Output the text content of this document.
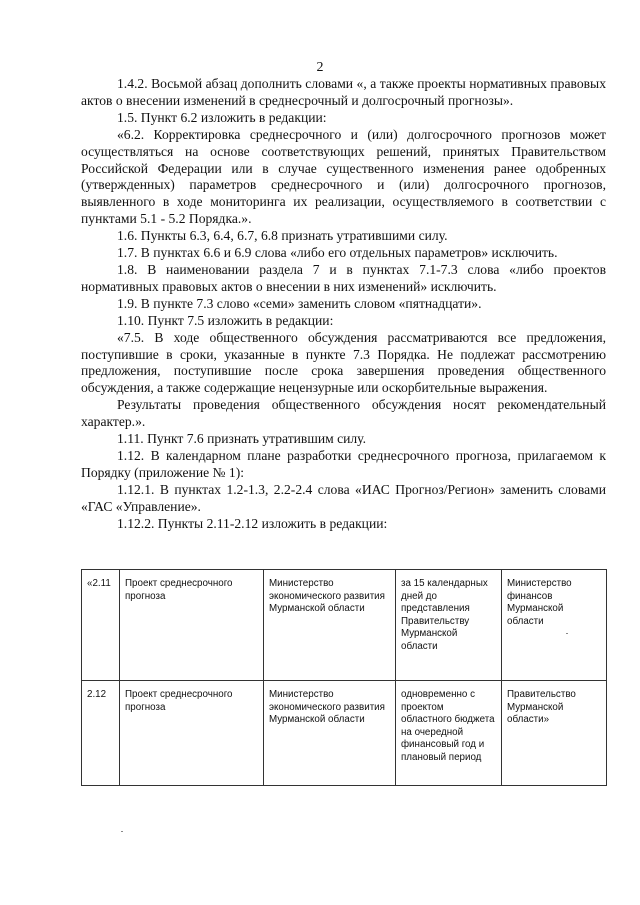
2

1.4.2. Восьмой абзац дополнить словами «, а также проекты нормативных правовых актов о внесении изменений в среднесрочный и долгосрочный прогнозы».

1.5. Пункт 6.2 изложить в редакции:

«6.2. Корректировка среднесрочного и (или) долгосрочного прогнозов может осуществляться на основе соответствующих решений, принятых Правительством Российской Федерации или в случае существенного изменения ранее одобренных (утвержденных) параметров среднесрочного и (или) долгосрочного прогнозов, выявленного в ходе мониторинга их реализации, осуществляемого в соответствии с пунктами 5.1 - 5.2 Порядка.».

1.6. Пункты 6.3, 6.4, 6.7, 6.8 признать утратившими силу.

1.7. В пунктах 6.6 и 6.9 слова «либо его отдельных параметров» исключить.

1.8. В наименовании раздела 7 и в пунктах 7.1-7.3 слова «либо проектов нормативных правовых актов о внесении в них изменений» исключить.

1.9. В пункте 7.3 слово «семи» заменить словом «пятнадцати».

1.10. Пункт 7.5 изложить в редакции:

«7.5. В ходе общественного обсуждения рассматриваются все предложения, поступившие в сроки, указанные в пункте 7.3 Порядка. Не подлежат рассмотрению предложения, поступившие после срока завершения проведения общественного обсуждения, а также содержащие нецензурные или оскорбительные выражения.

Результаты проведения общественного обсуждения носят рекомендательный характер.».

1.11. Пункт 7.6 признать утратившим силу.

1.12. В календарном плане разработки среднесрочного прогноза, прилагаемом к Порядку (приложение № 1):

1.12.1. В пунктах 1.2-1.3, 2.2-2.4 слова «ИАС Прогноз/Регион» заменить словами «ГАС «Управление».

1.12.2. Пункты 2.11-2.12 изложить в редакции:

«2.11	Проект среднесрочного прогноза	Министерство экономического развития Мурманской области	за 15 календарных дней до представления Правительству Мурманской области	Министерство финансов Мурманской области
2.12	Проект среднесрочного прогноза	Министерство экономического развития Мурманской области	одновременно с проектом областного бюджета на очередной финансовый год и плановый период	Правительство Мурманской области»
